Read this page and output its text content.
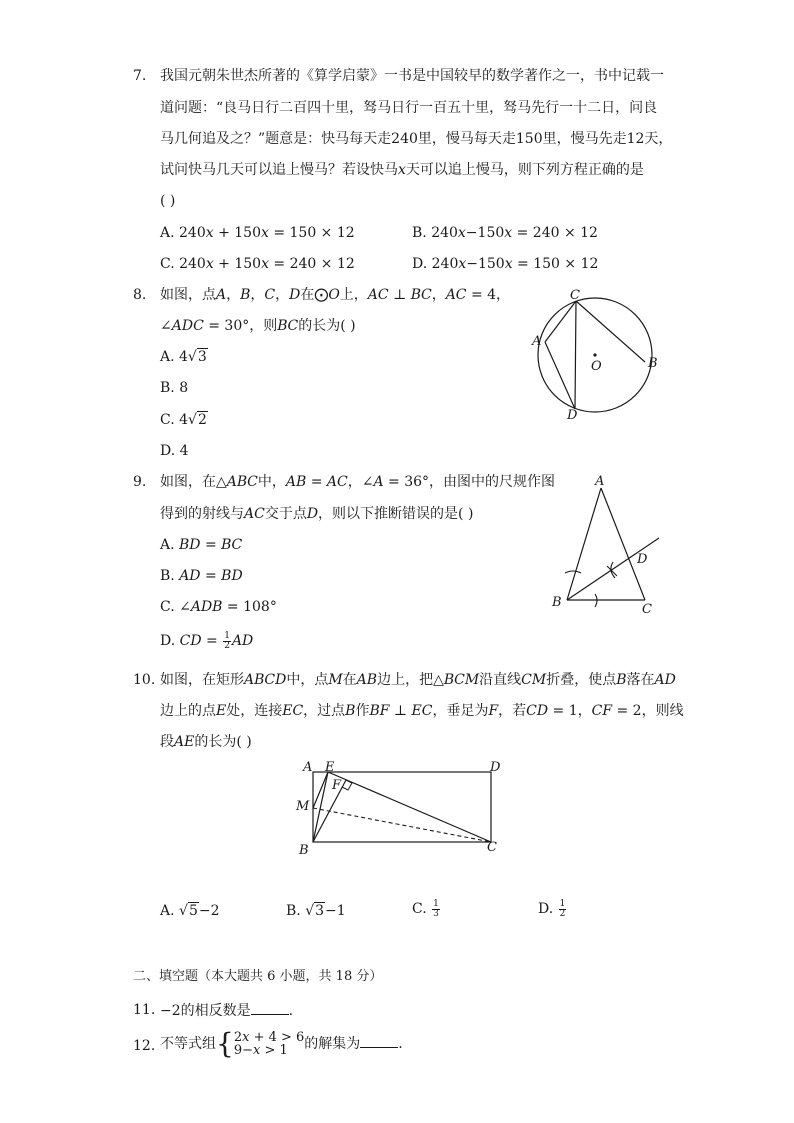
7. 我国元朝朱世杰所著的《算学启蒙》一书是中国较早的数学著作之一，书中记载一
道问题：“良马日行二百四十里，驽马日行一百五十里，驽马先行一十二日，问良
马几何追及之？”题意是：快马每天走240里，慢马每天走150里，慢马先走12天，
试问快马几天可以追上慢马？若设快马x天可以追上慢马，则下列方程正确的是
( )
A. 240𝑥 + 150𝑥 = 150 × 12	B. 240𝑥−150𝑥 = 240 × 12
C. 240𝑥 + 150𝑥 = 240 × 12	D. 240𝑥−150𝑥 = 150 × 12
8. 如图，点𝐴，𝐵，𝐶，𝐷在⨀𝑂上，𝐴𝐶 ⊥ 𝐵𝐶，𝐴𝐶 = 4，
∠𝐴𝐷𝐶 = 30°，则𝐵𝐶的长为( )
A. 4√3
B. 8
C. 4√2
D. 4
C
A
B
O
D
9. 如图，在△𝐴𝐵𝐶中，𝐴𝐵 = 𝐴𝐶，∠𝐴 = 36°，由图中的尺规作图
得到的射线与𝐴𝐶交于点𝐷，则以下推断错误的是( )
A. 𝐵𝐷 = 𝐵𝐶
B. 𝐴𝐷 = 𝐵𝐷
C. ∠𝐴𝐷𝐵 = 108°
D. 𝐶𝐷 = $\frac{1}{2}$ 𝐴𝐷
A
B	C
D
10. 如图，在矩形𝐴𝐵𝐶𝐷中，点𝑀在𝐴𝐵边上，把△𝐵𝐶𝑀沿直线𝐶𝑀折叠，使点𝐵落在𝐴𝐷
边上的点𝐸处，连接𝐸𝐶，过点𝐵作𝐵𝐹 ⊥ 𝐸𝐶，垂足为𝐹，若𝐶𝐷 = 1，𝐶𝐹 = 2，则线
段𝐴𝐸的长为( )
A E	D
F
M
B	C
A. √5−2	B. √3−1	C. $\frac{1}{3}$	D. $\frac{1}{2}$
二、填空题（本大题共 6 小题，共 18 分）
11. −2的相反数是	.
12. 不等式组{ 2𝑥 + 4 > 6
9−𝑥 > 1	的解集为	.
